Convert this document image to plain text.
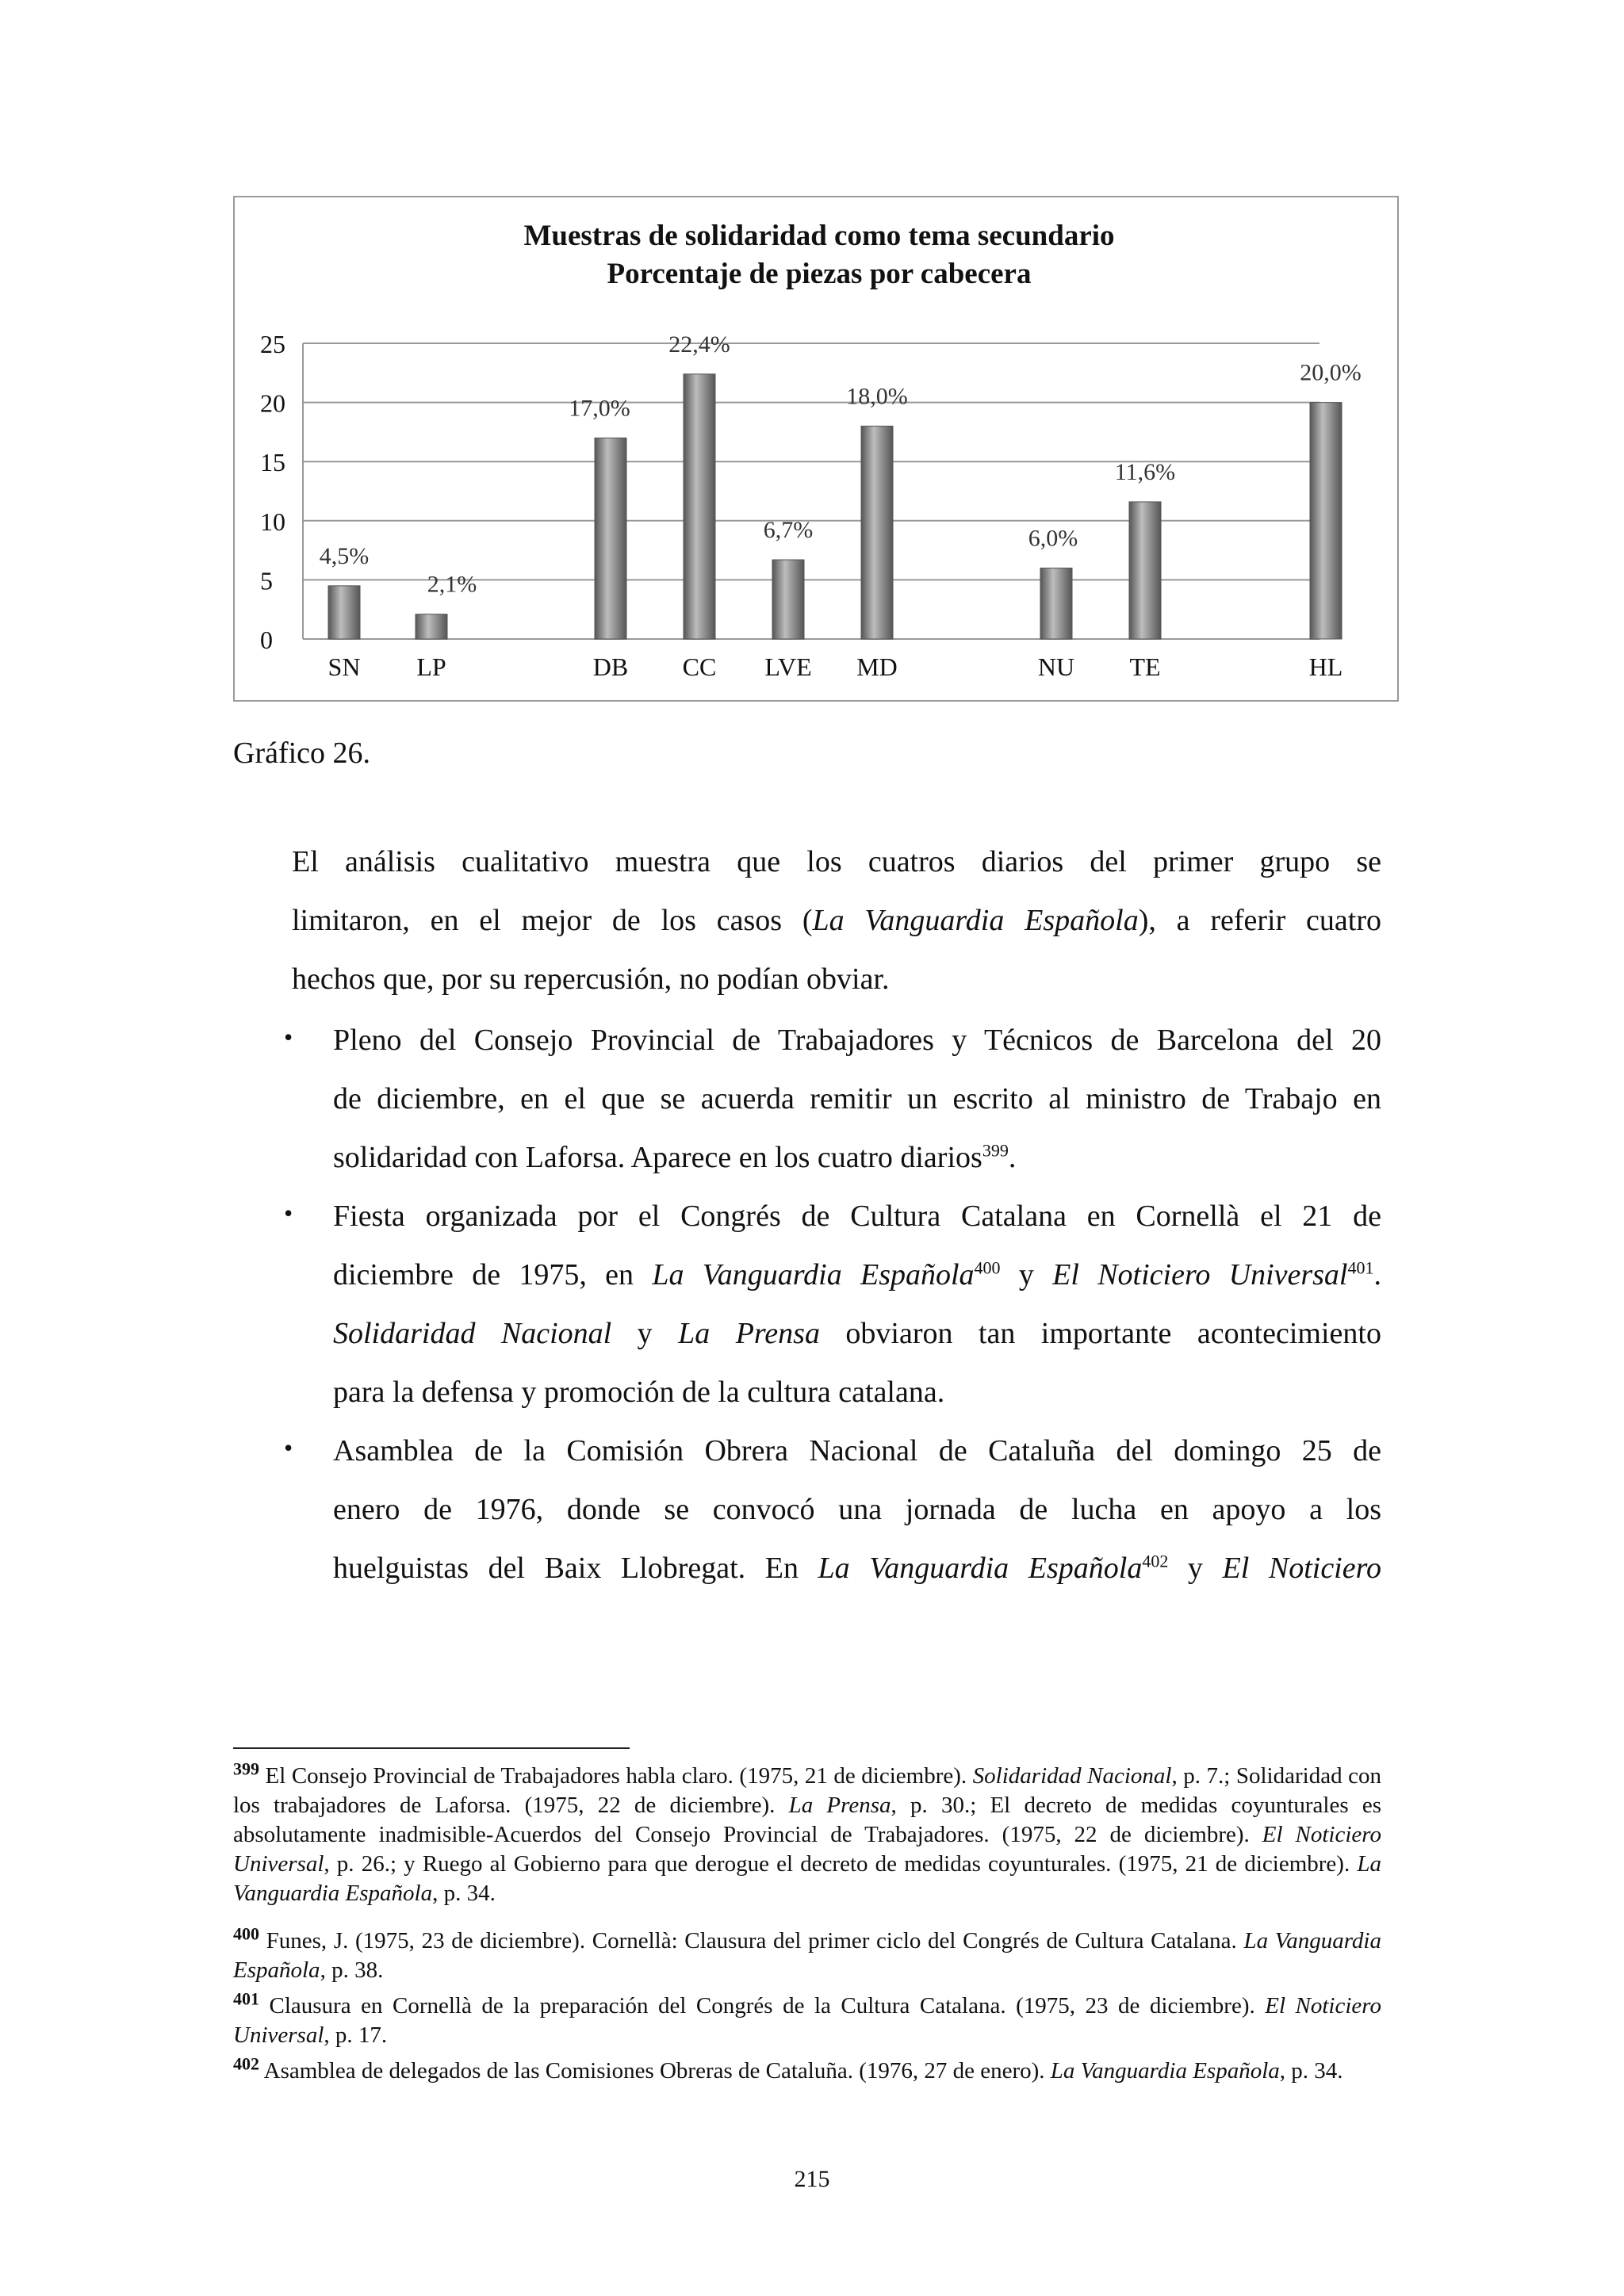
Muestras de solidaridad como tema secundario
Porcentaje de piezas por cabecera
0
5
10
15
20
25
4,5%
2,1%
17,0%
22,4%
6,7%
18,0%
6,0%
11,6%
20,0%
SN LP	DB CC LVE MD	NU TE	HL
Gráfico 26.
El análisis cualitativo muestra que los cuatros diarios del primer grupo se
limitaron, en el mejor de los casos (La Vanguardia Española), a referir cuatro
hechos que, por su repercusión, no podían obviar.
• Pleno del Consejo Provincial de Trabajadores y Técnicos de Barcelona del 20
de diciembre, en el que se acuerda remitir un escrito al ministro de Trabajo en
solidaridad con Laforsa. Aparece en los cuatro diarios$^{399}$.
• Fiesta organizada por el Congrés de Cultura Catalana en Cornellà el 21 de
diciembre de 1975, en La Vanguardia Española$^{400}$ y El Noticiero Universal$^{401}$.
Solidaridad Nacional y La Prensa obviaron tan importante acontecimiento
para la defensa y promoción de la cultura catalana.
• Asamblea de la Comisión Obrera Nacional de Cataluña del domingo 25 de
enero de 1976, donde se convocó una jornada de lucha en apoyo a los
huelguistas del Baix Llobregat. En La Vanguardia Española$^{402}$ y El Noticiero
$^{399}$ El Consejo Provincial de Trabajadores habla claro. (1975, 21 de diciembre). Solidaridad Nacional, p. 7.; Solidaridad con los trabajadores de Laforsa. (1975, 22 de diciembre). La Prensa, p. 30.; El decreto de medidas coyunturales es absolutamente inadmisible-Acuerdos del Consejo Provincial de Trabajadores. (1975, 22 de diciembre). El Noticiero Universal, p. 26.; y Ruego al Gobierno para que derogue el decreto de medidas coyunturales. (1975, 21 de diciembre). La Vanguardia Española, p. 34.
$^{400}$ Funes, J. (1975, 23 de diciembre). Cornellà: Clausura del primer ciclo del Congrés de Cultura Catalana. La Vanguardia Española, p. 38.
$^{401}$ Clausura en Cornellà de la preparación del Congrés de la Cultura Catalana. (1975, 23 de diciembre). El Noticiero Universal, p. 17.
$^{402}$ Asamblea de delegados de las Comisiones Obreras de Cataluña. (1976, 27 de enero). La Vanguardia Española, p. 34.
215
